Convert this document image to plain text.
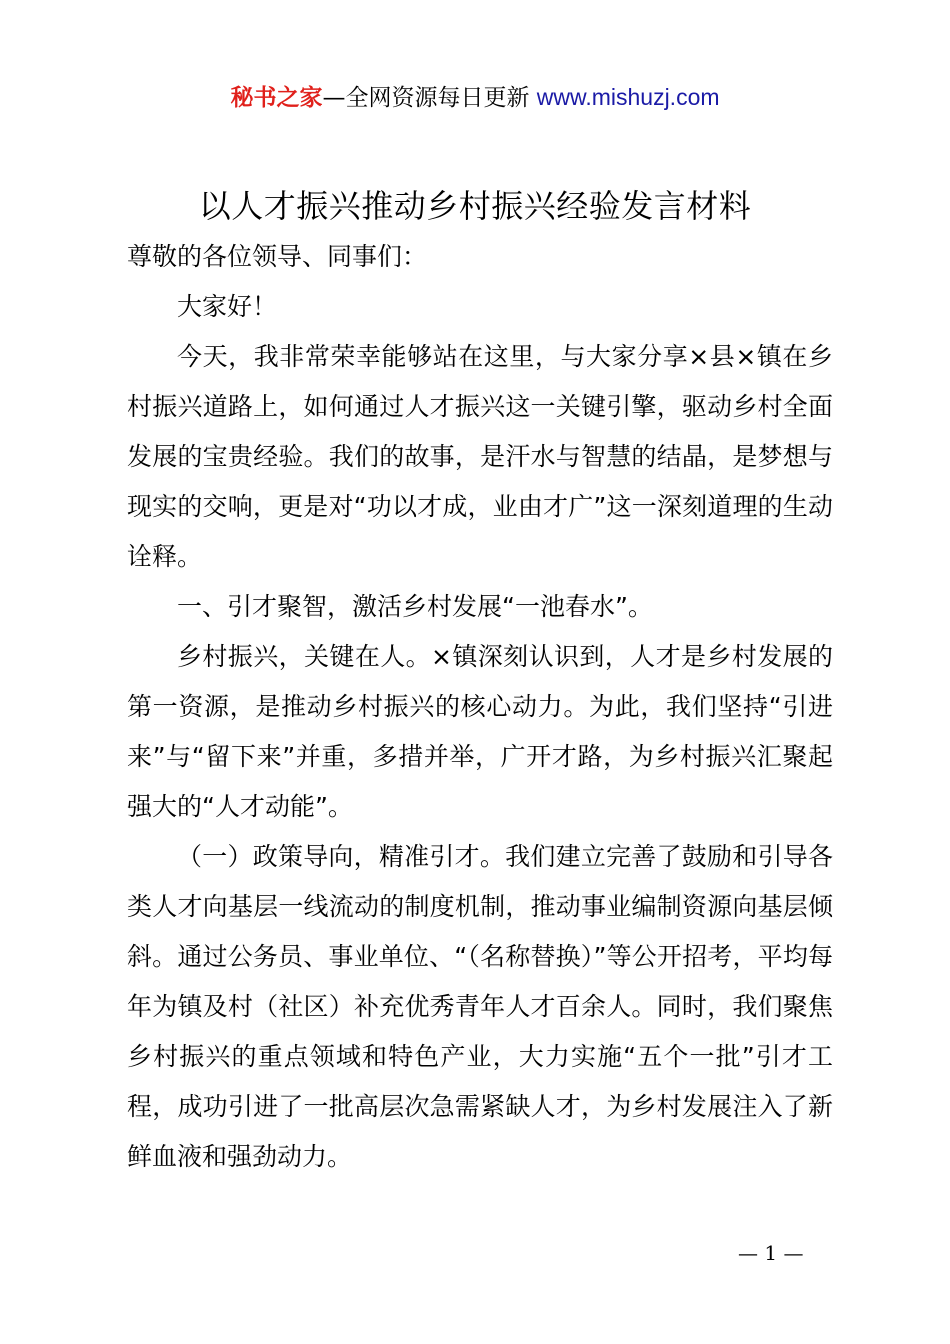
秘书之家—全网资源每日更新 www.mishuzj.com
以人才振兴推动乡村振兴经验发言材料

尊敬的各位领导、同事们：

大家好！

今天，我非常荣幸能够站在这里，与大家分享×县×镇在乡村振兴道路上，如何通过人才振兴这一关键引擎，驱动乡村全面发展的宝贵经验。我们的故事，是汗水与智慧的结晶，是梦想与现实的交响，更是对“功以才成，业由才广”这一深刻道理的生动诠释。

一、引才聚智，激活乡村发展“一池春水”。

乡村振兴，关键在人。×镇深刻认识到，人才是乡村发展的第一资源，是推动乡村振兴的核心动力。为此，我们坚持“引进来”与“留下来”并重，多措并举，广开才路，为乡村振兴汇聚起强大的“人才动能”。

（一）政策导向，精准引才。我们建立完善了鼓励和引导各类人才向基层一线流动的制度机制，推动事业编制资源向基层倾斜。通过公务员、事业单位、“（名称替换）”等公开招考，平均每年为镇及村（社区）补充优秀青年人才百余人。同时，我们聚焦乡村振兴的重点领域和特色产业，大力实施“五个一批”引才工程，成功引进了一批高层次急需紧缺人才，为乡村发展注入了新鲜血液和强劲动力。

— 1 —
